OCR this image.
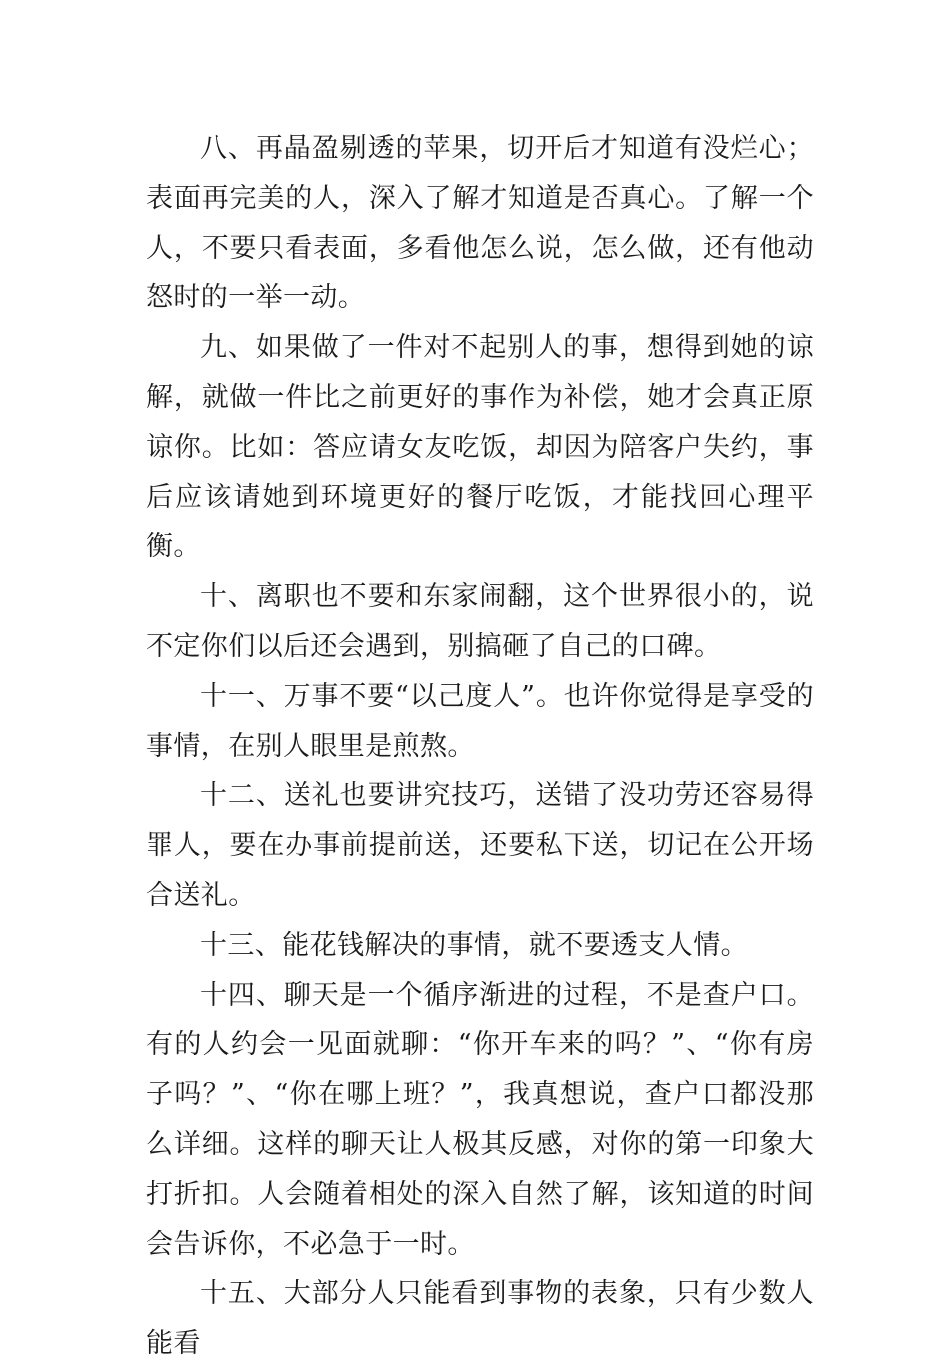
八、再晶盈剔透的苹果，切开后才知道有没烂心；表面再完美的人，深入了解才知道是否真心。了解一个人，不要只看表面，多看他怎么说，怎么做，还有他动怒时的一举一动。

九、如果做了一件对不起别人的事，想得到她的谅解，就做一件比之前更好的事作为补偿，她才会真正原谅你。比如：答应请女友吃饭，却因为陪客户失约，事后应该请她到环境更好的餐厅吃饭，才能找回心理平衡。

十、离职也不要和东家闹翻，这个世界很小的，说不定你们以后还会遇到，别搞砸了自己的口碑。

十一、万事不要“以己度人”。也许你觉得是享受的事情，在别人眼里是煎熬。

十二、送礼也要讲究技巧，送错了没功劳还容易得罪人，要在办事前提前送，还要私下送，切记在公开场合送礼。

十三、能花钱解决的事情，就不要透支人情。

十四、聊天是一个循序渐进的过程，不是查户口。有的人约会一见面就聊：“你开车来的吗？”、“你有房子吗？”、“你在哪上班？”，我真想说，查户口都没那么详细。这样的聊天让人极其反感，对你的第一印象大打折扣。人会随着相处的深入自然了解，该知道的时间会告诉你，不必急于一时。

十五、大部分人只能看到事物的表象，只有少数人能看
